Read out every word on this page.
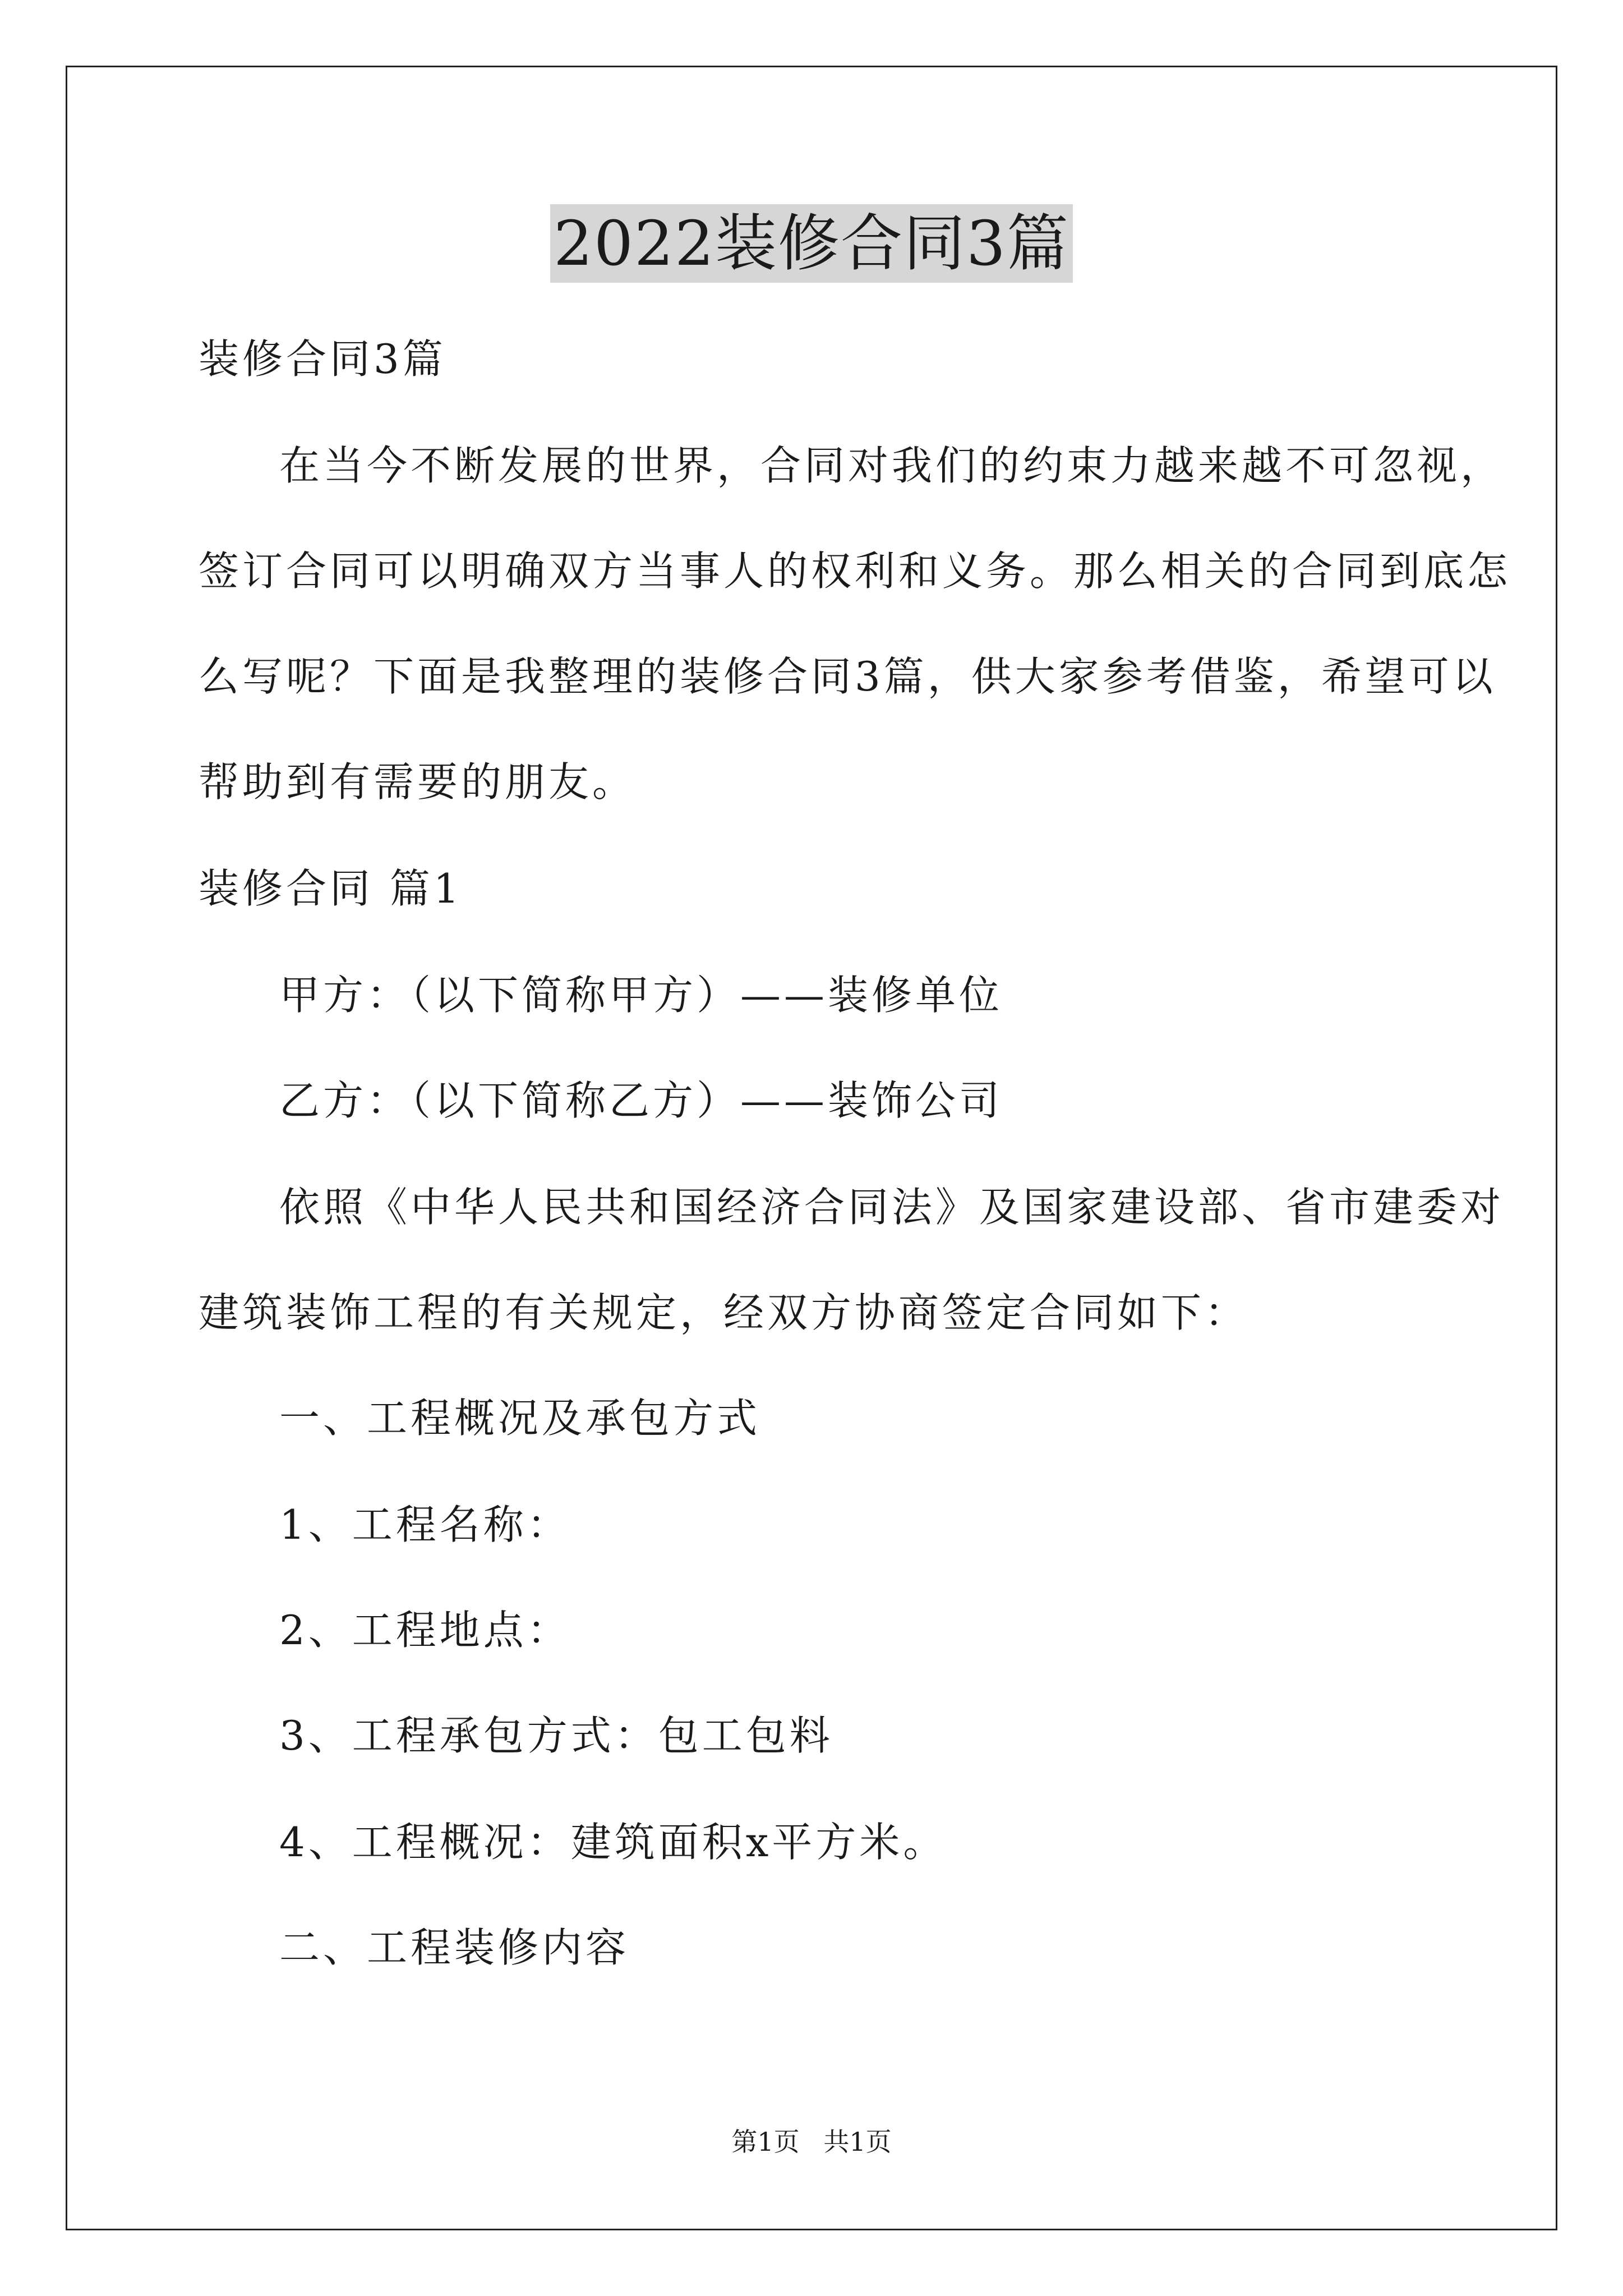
2022装修合同3篇
装修合同3篇
在当今不断发展的世界，合同对我们的约束力越来越不可忽视，
签订合同可以明确双方当事人的权利和义务。那么相关的合同到底怎
么写呢？下面是我整理的装修合同3篇，供大家参考借鉴，希望可以
帮助到有需要的朋友。
装修合同 篇1
甲方：（以下简称甲方）——装修单位
乙方：（以下简称乙方）——装饰公司
依照《中华人民共和国经济合同法》及国家建设部、省市建委对
建筑装饰工程的有关规定，经双方协商签定合同如下：
一、工程概况及承包方式
1、工程名称：
2、工程地点：
3、工程承包方式：包工包料
4、工程概况：建筑面积x平方米。
二、工程装修内容
第1页 共1页
